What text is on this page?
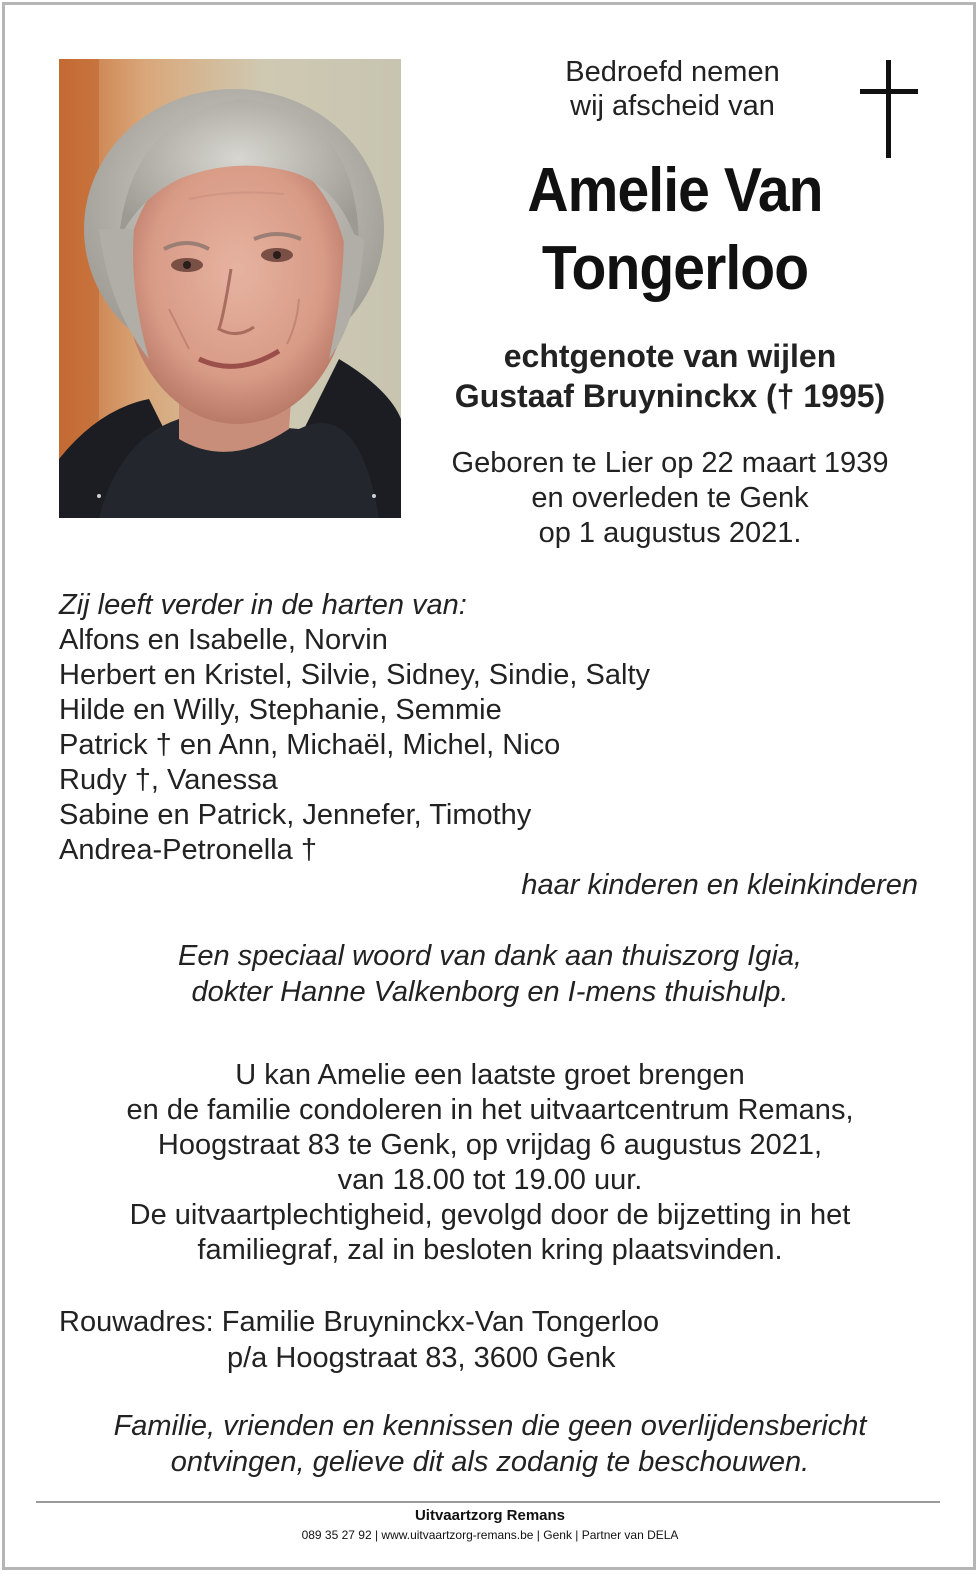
Bedroefd nemen
wij afscheid van
Amelie Van
Tongerloo
echtgenote van wijlen
Gustaaf Bruyninckx († 1995)
Geboren te Lier op 22 maart 1939
en overleden te Genk
op 1 augustus 2021.
Zij leeft verder in de harten van:
Alfons en Isabelle, Norvin
Herbert en Kristel, Silvie, Sidney, Sindie, Salty
Hilde en Willy, Stephanie, Semmie
Patrick † en Ann, Michaël, Michel, Nico
Rudy †, Vanessa
Sabine en Patrick, Jennefer, Timothy
Andrea-Petronella †
haar kinderen en kleinkinderen
Een speciaal woord van dank aan thuiszorg Igia,
dokter Hanne Valkenborg en I-mens thuishulp.
U kan Amelie een laatste groet brengen
en de familie condoleren in het uitvaartcentrum Remans,
Hoogstraat 83 te Genk, op vrijdag 6 augustus 2021,
van 18.00 tot 19.00 uur.
De uitvaartplechtigheid, gevolgd door de bijzetting in het
familiegraf, zal in besloten kring plaatsvinden.
Rouwadres: Familie Bruyninckx-Van Tongerloo
p/a Hoogstraat 83, 3600 Genk
Familie, vrienden en kennissen die geen overlijdensbericht
ontvingen, gelieve dit als zodanig te beschouwen.
Uitvaartzorg Remans
089 35 27 92 | www.uitvaartzorg-remans.be | Genk | Partner van DELA
